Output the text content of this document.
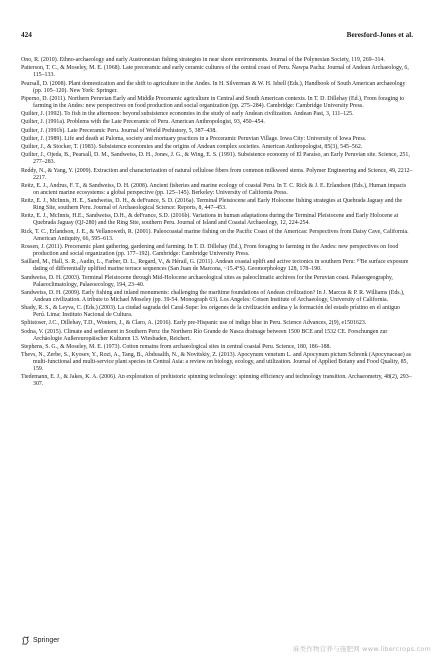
424	Beresford-Jones et al.

Ono, R. (2010). Ethno-archaeology and early Austronesian fishing strategies in near shore environments. Journal of the Polynesian Society, 119, 269–314.

Patterson, T. C., & Moseley, M. E. (1968). Late preceramic and early ceramic cultures of the central coast of Peru. Ñawpa Pacha: Journal of Andean Archaeology, 6, 115–133.

Pearsall, D. (2008). Plant domestication and the shift to agriculture in the Andes. In H. Silverman & W. H. Isbell (Eds.), Handbook of South American archaeology (pp. 105–120). New York: Springer.

Piperno, D. (2011). Northern Peruvian Early and Middle Preceramic agriculture in Central and South American contexts. In T. D. Dillehay (Ed.), From foraging to farming in the Andes: new perspectives on food production and social organization (pp. 275–284). Cambridge: Cambridge University Press.

Quilter, J. (1992). To fish in the afternoon: beyond subsistence economies in the study of early Andean civilization. Andean Past, 3, 111–125.

Quilter, J. (1991a). Problems with the Late Preceramic of Peru. American Anthropologist, 93, 450–454.

Quilter, J. (1991b). Late Preceramic Peru. Journal of World Prehistory, 5, 387–438.

Quilter, J. (1989). Life and death at Paloma, society and mortuary practices in a Preceramic Peruvian Village. Iowa City: University of Iowa Press.

Quilter, J., & Stocker, T. (1983). Subsistence economies and the origins of Andean complex societies. American Anthropologist, 85(3), 545–562.

Quilter, J., Ojeda, B., Pearsall, D. M., Sandweiss, D. H., Jones, J. G., & Wing, E. S. (1991). Subsistence economy of El Paraíso, an Early Peruvian site. Science, 251, 277–283.

Reddy, N., & Yang, Y. (2009). Extraction and characterization of natural cellulose fibers from common milkweed stems. Polymer Engineering and Science, 49, 2212–2217.

Reitz, E. J., Andrus, F. T., & Sandweiss, D. H. (2008). Ancient fisheries and marine ecology of coastal Peru. In T. C. Rick & J. E. Erlandson (Eds.), Human impacts on ancient marine ecosystems: a global perspective (pp. 125–145). Berkeley: University of California Press.

Reitz, E. J., McInnis, H. E., Sandweiss, D. H., & deFrance, S. D. (2016a). Terminal Pleistocene and Early Holocene fishing strategies at Quebrada Jaguay and the Ring Site, southern Peru. Journal of Archaeological Science: Reports, 8, 447–453.

Reitz, E. J., McInnis, H.E., Sandweiss, D.H., & deFrance, S.D. (2016b). Variations in human adaptations during the Terminal Pleistocene and Early Holocene at Quebrada Jaguay (QJ-280) and the Ring Site, southern Peru. Journal of Island and Coastal Archaeology, 12, 224-254.

Rick, T. C., Erlandson, J. E., & Vellanoweth, R. (2001). Paleocoastal marine fishing on the Pacific Coast of the Americas: Perspectives from Daisy Cave, California. American Antiquity, 66, 595–613.

Rossen, J. (2011). Preceramic plant gathering, gardening and farming. In T. D. Dillehay (Ed.), From foraging to farming in the Andes: new perspectives on food production and social organization (pp. 177–192). Cambridge: Cambridge University Press.

Saillard, M., Hall, S. R., Audin, L., Farber, D. L., Regard, V., & Hérail, G. (2011). Andean coastal uplift and active tectonics in southern Peru: ¹⁰Be surface exposure dating of differentially uplifted marine terrace sequences (San Juan de Marcona, ~15.4°S). Geomorphology 128, 178–190.

Sandweiss, D. H. (2003). Terminal Pleistocene through Mid-Holocene archaeological sites as paleoclimatic archives for the Peruvian coast. Palaeogeography, Palaeoclimatology, Palaeoecology, 194, 23–40.

Sandweiss, D. H. (2009). Early fishing and inland monuments: challenging the maritime foundations of Andean civilization? In J. Marcus & P. R. Williams (Eds.), Andean civilization. A tribute to Michael Moseley (pp. 39-54. Monograph 63). Los Angeles: Cotsen Institute of Archaeology, University of California.

Shady, R. S., & Leyva, C. (Eds.) (2003). La ciudad sagrada del Caral-Supe: los orígenes de la civilización andina y la formación del estado prístino en el antiguo Perú. Lima: Instituto Nacional de Cultura.

Splitstoser, J.C., Dillehay, T.D., Wouters, J., & Claro, A. (2016). Early pre-Hispanic use of indigo blue in Peru. Science Advances, 2(9), e1501623.

Sodna, V. (2015). Climate and settlement in Southern Peru: the Northern Río Grande de Nasca drainage between 1500 BCE and 1532 CE. Forschungen zur Archäologie Außereuropäischer Kulturen 13. Wiesbaden, Reichert.

Stephens, S. G., & Moseley, M. E. (1973). Cotton remains from archaeological sites in central coastal Peru. Science, 180, 186–188.

Thevs, N., Zerbe, S., Kyosev, Y., Rozi, A., Tang, B., Abdusalih, N., & Novitskiy, Z. (2013). Apocynum venetum L. and Apocynum pictum Schrenk (Apocynaceae) as multi-functional and multi-service plant species in Central Asia: a review on biology, ecology, and utilization. Journal of Applied Botany and Food Quality, 85, 159.

Tiedemann, E. J., & Jakes, K. A. (2006). An exploration of prehistoric spinning technology: spinning efficiency and technology transition. Archaeometry, 48(2), 293–307.

Springer
麻类作物营养与施肥网 www.libercrops.com
